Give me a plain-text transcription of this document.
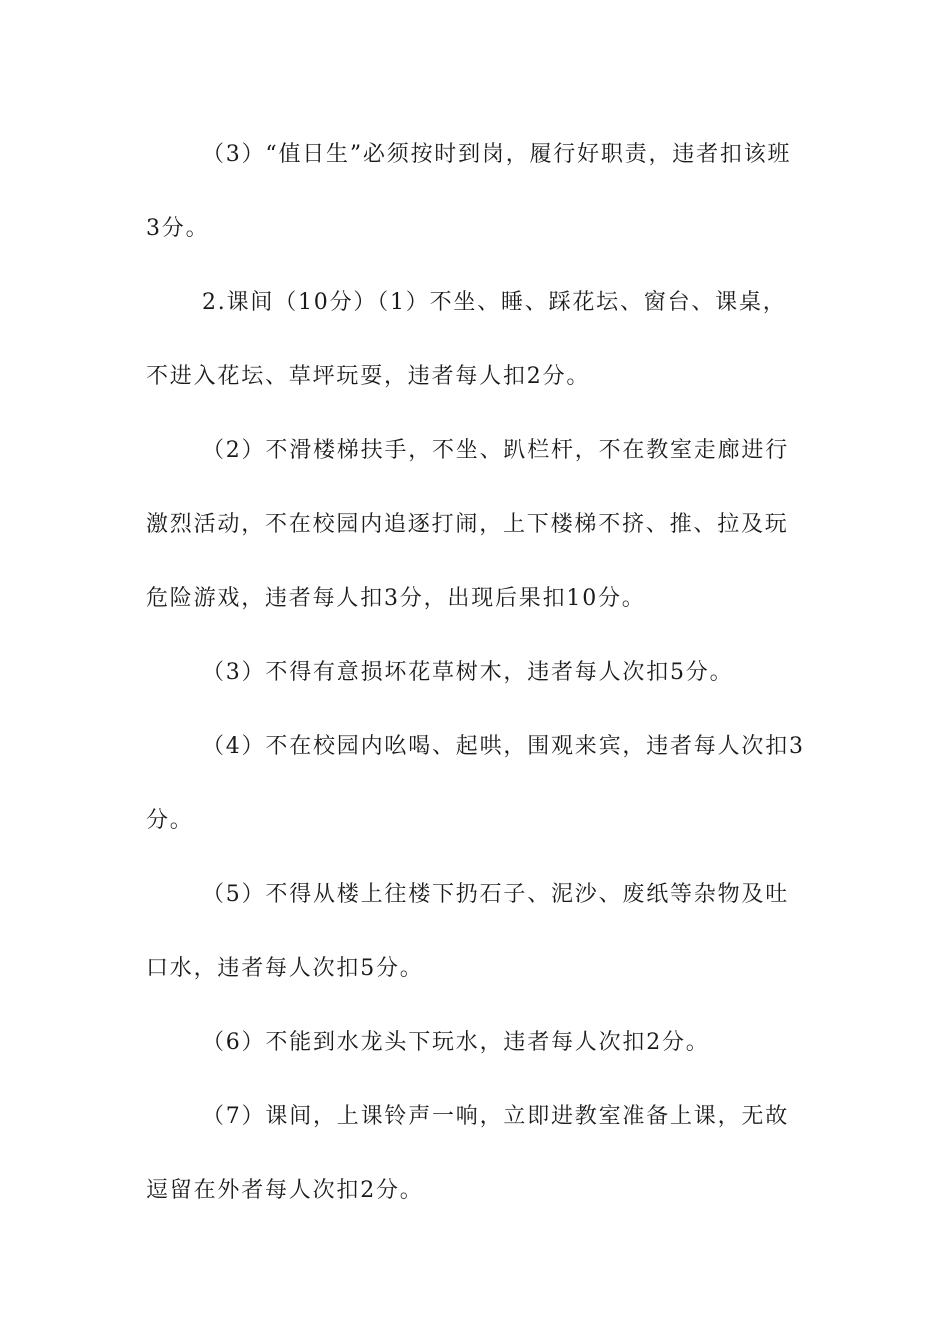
（3）“值日生”必须按时到岗，履行好职责，违者扣该班3分。

2.课间（10分）（1）不坐、睡、踩花坛、窗台、课桌，不进入花坛、草坪玩耍，违者每人扣2分。

（2）不滑楼梯扶手，不坐、趴栏杆，不在教室走廊进行激烈活动，不在校园内追逐打闹，上下楼梯不挤、推、拉及玩危险游戏，违者每人扣3分，出现后果扣10分。

（3）不得有意损坏花草树木，违者每人次扣5分。

（4）不在校园内吆喝、起哄，围观来宾，违者每人次扣3分。

（5）不得从楼上往楼下扔石子、泥沙、废纸等杂物及吐口水，违者每人次扣5分。

（6）不能到水龙头下玩水，违者每人次扣2分。

（7）课间，上课铃声一响，立即进教室准备上课，无故逗留在外者每人次扣2分。
